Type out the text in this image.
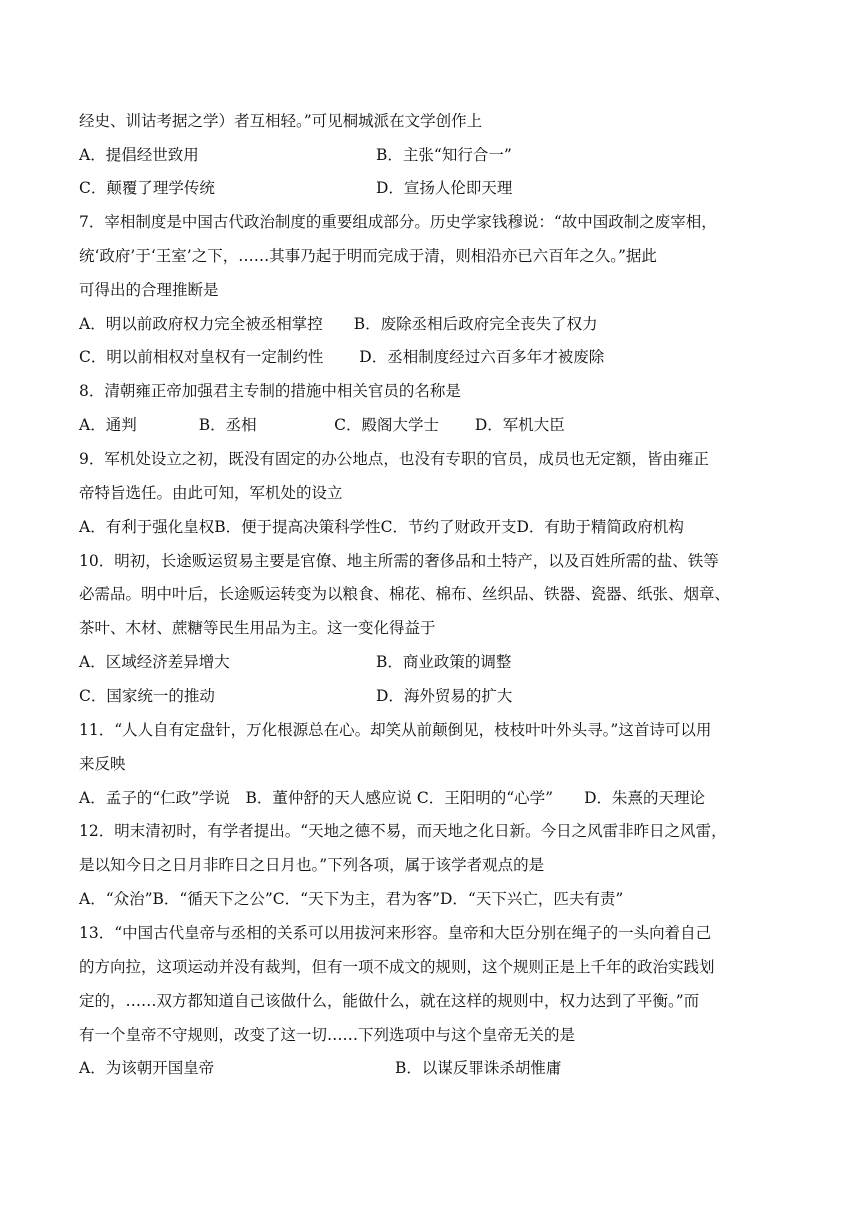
经史、训诂考据之学）者互相轻。”可见桐城派在文学创作上
A．提倡经世致用	B．主张“知行合一”
C．颠覆了理学传统	D．宣扬人伦即天理
7．宰相制度是中国古代政治制度的重要组成部分。历史学家钱穆说：“故中国政制之废宰相，
统‘政府’于‘王室’之下，……其事乃起于明而完成于清，则相沿亦已六百年之久。”据此
可得出的合理推断是
A．明以前政府权力完全被丞相掌控　　B．废除丞相后政府完全丧失了权力
C．明以前相权对皇权有一定制约性　　 D．丞相制度经过六百多年才被废除
8．清朝雍正帝加强君主专制的措施中相关官员的名称是
A．通判　　　　B．丞相　　　　　C．殿阁大学士　　 D．军机大臣
9．军机处设立之初，既没有固定的办公地点，也没有专职的官员，成员也无定额，皆由雍正
帝特旨选任。由此可知，军机处的设立
A．有利于强化皇权B．便于提高决策科学性C．节约了财政开支D．有助于精简政府机构
10．明初，长途贩运贸易主要是官僚、地主所需的奢侈品和土特产，以及百姓所需的盐、铁等
必需品。明中叶后，长途贩运转变为以粮食、棉花、棉布、丝织品、铁器、瓷器、纸张、烟章、
茶叶、木材、蔗糖等民生用品为主。这一变化得益于
A．区域经济差异增大	B．商业政策的调整
C．国家统一的推动	D．海外贸易的扩大
11．“人人自有定盘针，万化根源总在心。却笑从前颠倒见，枝枝叶叶外头寻。”这首诗可以用
来反映
A．孟子的“仁政”学说　B．董仲舒的天人感应说 C．王阳明的“心学”　　D．朱熹的天理论
12．明末清初时，有学者提出。“天地之德不易，而天地之化日新。今日之风雷非昨日之风雷，
是以知今日之日月非昨日之日月也。”下列各项，属于该学者观点的是
A．“众治”B．“循天下之公”C．“天下为主，君为客”D．“天下兴亡，匹夫有责”
13．“中国古代皇帝与丞相的关系可以用拔河来形容。皇帝和大臣分别在绳子的一头向着自己
的方向拉，这项运动并没有裁判，但有一项不成文的规则，这个规则正是上千年的政治实践划
定的，……双方都知道自己该做什么，能做什么，就在这样的规则中，权力达到了平衡。”而
有一个皇帝不守规则，改变了这一切……下列选项中与这个皇帝无关的是
A．为该朝开国皇帝	B．以谋反罪诛杀胡惟庸
